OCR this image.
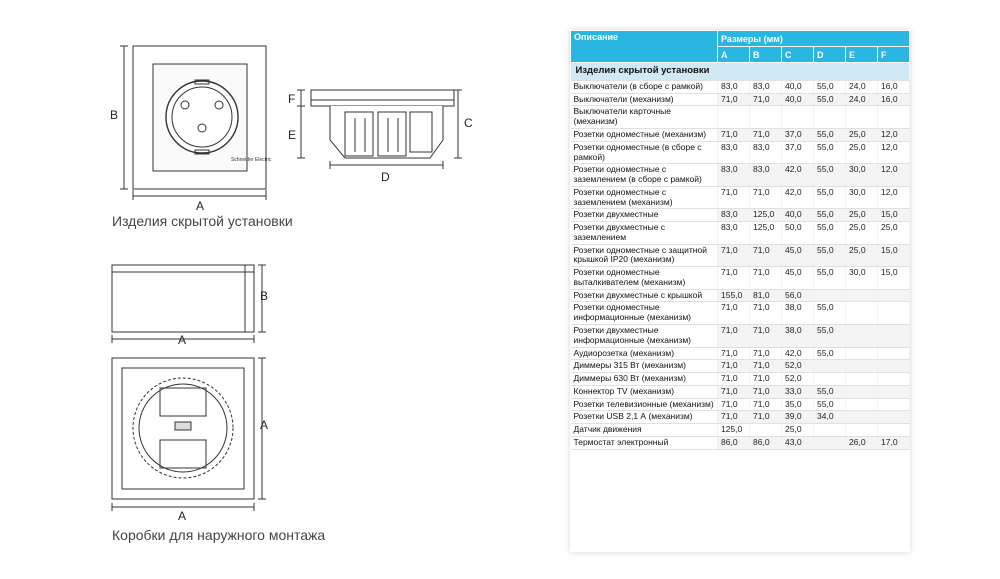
Schneider Electric
A
B
F
E
C
D
Изделия скрытой установки
B
A
A
A
Коробки для наружного монтажа
Описание	Размеры (мм)					
	A	B	C	D	E	F
Изделия скрытой установки						
Выключатели (в сборе с рамкой)	83,0	83,0	40,0	55,0	24,0	16,0
Выключатели (механизм)	71,0	71,0	40,0	55,0	24,0	16,0
Выключатели карточные (механизм)						
Розетки одноместные (механизм)	71,0	71,0	37,0	55,0	25,0	12,0
Розетки одноместные (в сборе с рамкой)	83,0	83,0	37,0	55,0	25,0	12,0
Розетки одноместные с заземлением (в сборе с рамкой)	83,0	83,0	42,0	55,0	30,0	12,0
Розетки одноместные с заземлением (механизм)	71,0	71,0	42,0	55,0	30,0	12,0
Розетки двухместные	83,0	125,0	40,0	55,0	25,0	15,0
Розетки двухместные с заземлением	83,0	125,0	50,0	55,0	25,0	25,0
Розетки одноместные с защитной крышкой IP20 (механизм)	71,0	71,0	45,0	55,0	25,0	15,0
Розетки одноместные выталкивателем (механизм)	71,0	71,0	45,0	55,0	30,0	15,0
Розетки двухместные с крышкой	155,0	81,0	56,0			
Розетки одноместные информационные (механизм)	71,0	71,0	38,0	55,0		
Розетки двухместные информационные (механизм)	71,0	71,0	38,0	55,0		
Аудиорозетка (механизм)	71,0	71,0	42,0	55,0		
Диммеры 315 Вт (механизм)	71,0	71,0	52,0			
Диммеры 630 Вт (механизм)	71,0	71,0	52,0			
Коннектор TV (механизм)	71,0	71,0	33,0	55,0		
Розетки телевизионные (механизм)	71,0	71,0	35,0	55,0		
Розетки USB 2,1 А (механизм)	71,0	71,0	39,0	34,0		
Датчик движения	125,0		25,0			
Термостат электронный	86,0	86,0	43,0		26,0	17,0
